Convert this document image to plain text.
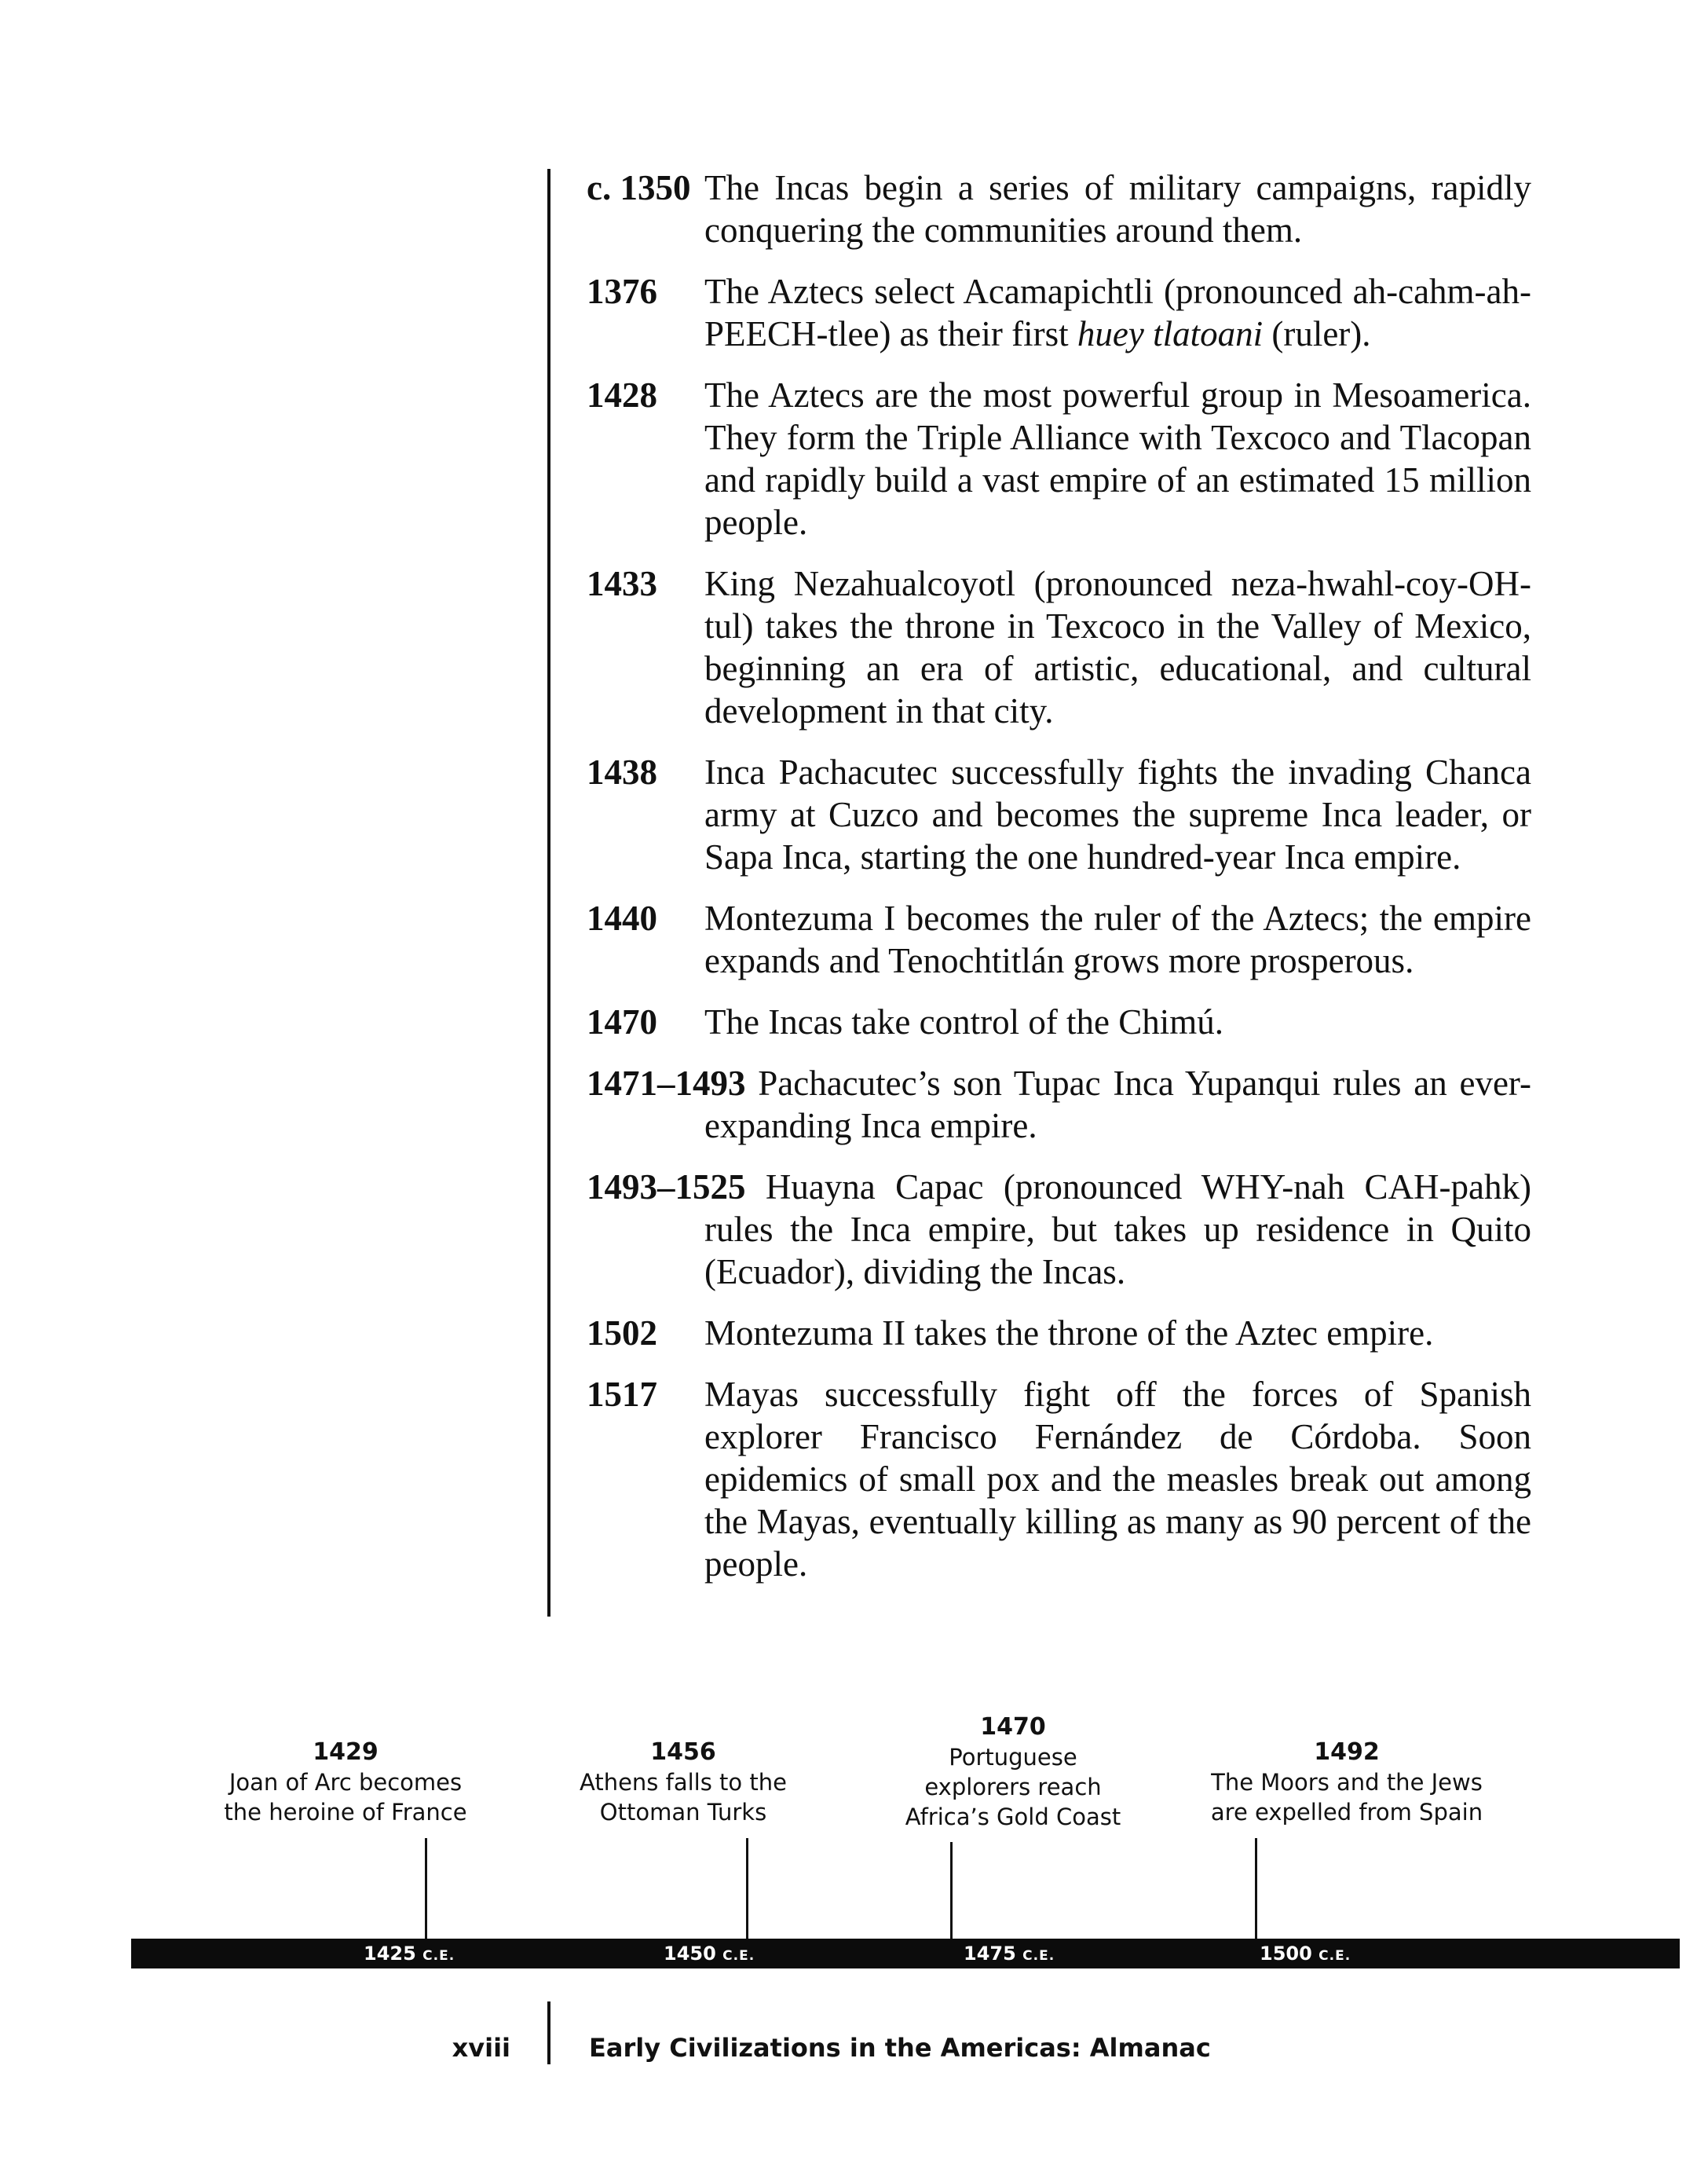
c. 1350 The Incas begin a series of military campaigns, rapidly conquering the communities around them.
1376 The Aztecs select Acamapichtli (pronounced ah-cahm-ah-PEECH-tlee) as their first huey tlatoani (ruler).
1428 The Aztecs are the most powerful group in Mesoamerica. They form the Triple Alliance with Texcoco and Tlacopan and rapidly build a vast empire of an estimated 15 million people.
1433 King Nezahualcoyotl (pronounced neza-hwahl-coy-OH-tul) takes the throne in Texcoco in the Valley of Mexico, beginning an era of artistic, educational, and cultural development in that city.
1438 Inca Pachacutec successfully fights the invading Chanca army at Cuzco and becomes the supreme Inca leader, or Sapa Inca, starting the one hundred-year Inca empire.
1440 Montezuma I becomes the ruler of the Aztecs; the empire expands and Tenochtitlán grows more prosperous.
1470 The Incas take control of the Chimú.
1471–1493 Pachacutec’s son Tupac Inca Yupanqui rules an ever-expanding Inca empire.
1493–1525 Huayna Capac (pronounced WHY-nah CAH-pahk) rules the Inca empire, but takes up residence in Quito (Ecuador), dividing the Incas.
1502 Montezuma II takes the throne of the Aztec empire.
1517 Mayas successfully fight off the forces of Spanish explorer Francisco Fernández de Córdoba. Soon epidemics of small pox and the measles break out among the Mayas, eventually killing as many as 90 percent of the people.
1429
Joan of Arc becomes
the heroine of France
1456
Athens falls to the
Ottoman Turks
1470
Portuguese
explorers reach
Africa’s Gold Coast
1492
The Moors and the Jews
are expelled from Spain
1425 C.E.	1450 C.E.	1475 C.E.	1500 C.E.
xviii	Early Civilizations in the Americas: Almanac
